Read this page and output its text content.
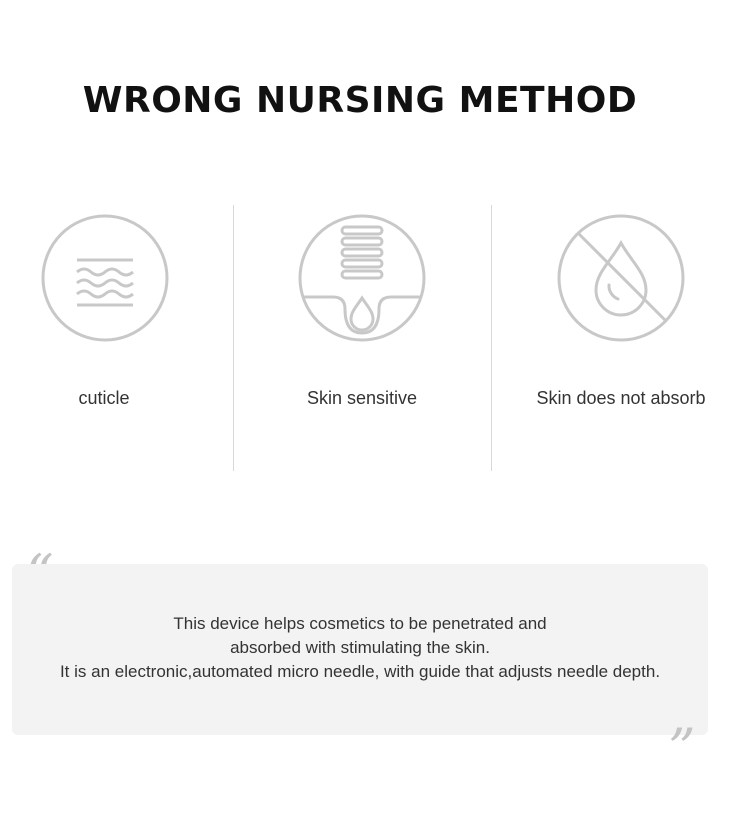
WRONG NURSING METHOD
cuticle	Skin sensitive	Skin does not absorb
This device helps cosmetics to be penetrated and
absorbed with stimulating the skin.
It is an electronic,automated micro needle, with guide that adjusts needle depth.
”
